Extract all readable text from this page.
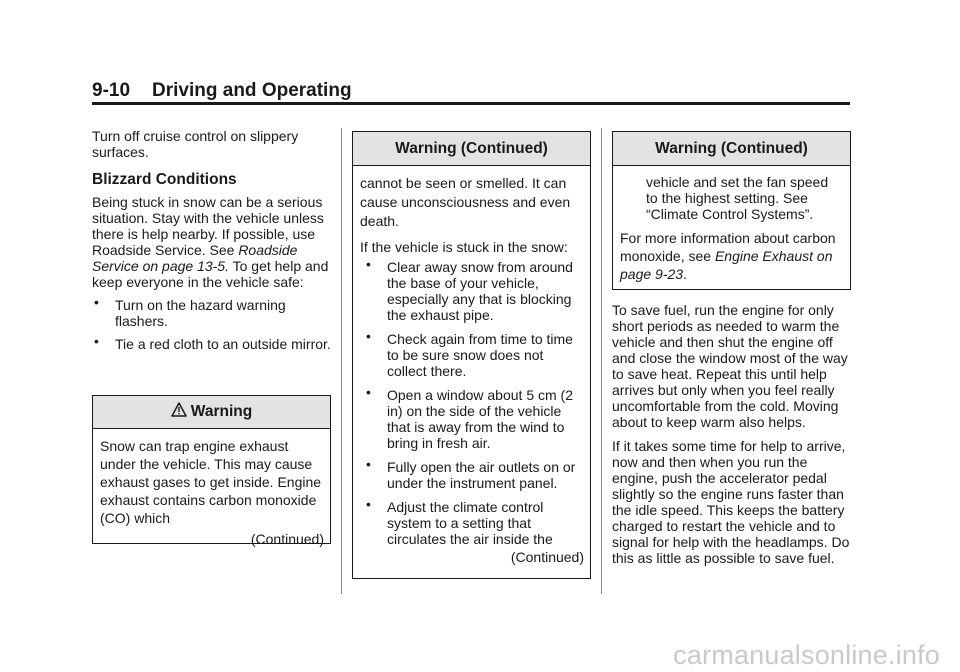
9-10 Driving and Operating

Turn off cruise control on slippery surfaces.

Blizzard Conditions

Being stuck in snow can be a serious situation. Stay with the vehicle unless there is help nearby. If possible, use Roadside Service. See Roadside Service on page 13-5. To get help and keep everyone in the vehicle safe:

• Turn on the hazard warning flashers.
• Tie a red cloth to an outside mirror.
Warning

Snow can trap engine exhaust under the vehicle. This may cause exhaust gases to get inside. Engine exhaust contains carbon monoxide (CO) which

(Continued)
Warning (Continued)

cannot be seen or smelled. It can cause unconsciousness and even death.

If the vehicle is stuck in the snow:

• Clear away snow from around the base of your vehicle, especially any that is blocking the exhaust pipe.
• Check again from time to time to be sure snow does not collect there.
• Open a window about 5 cm (2 in) on the side of the vehicle that is away from the wind to bring in fresh air.
• Fully open the air outlets on or under the instrument panel.
• Adjust the climate control system to a setting that circulates the air inside the
(Continued)
Warning (Continued)

vehicle and set the fan speed to the highest setting. See “Climate Control Systems”.

For more information about carbon monoxide, see Engine Exhaust on page 9-23.

To save fuel, run the engine for only short periods as needed to warm the vehicle and then shut the engine off and close the window most of the way to save heat. Repeat this until help arrives but only when you feel really uncomfortable from the cold. Moving about to keep warm also helps.

If it takes some time for help to arrive, now and then when you run the engine, push the accelerator pedal slightly so the engine runs faster than the idle speed. This keeps the battery charged to restart the vehicle and to signal for help with the headlamps. Do this as little as possible to save fuel.

carmanualsonline.info
